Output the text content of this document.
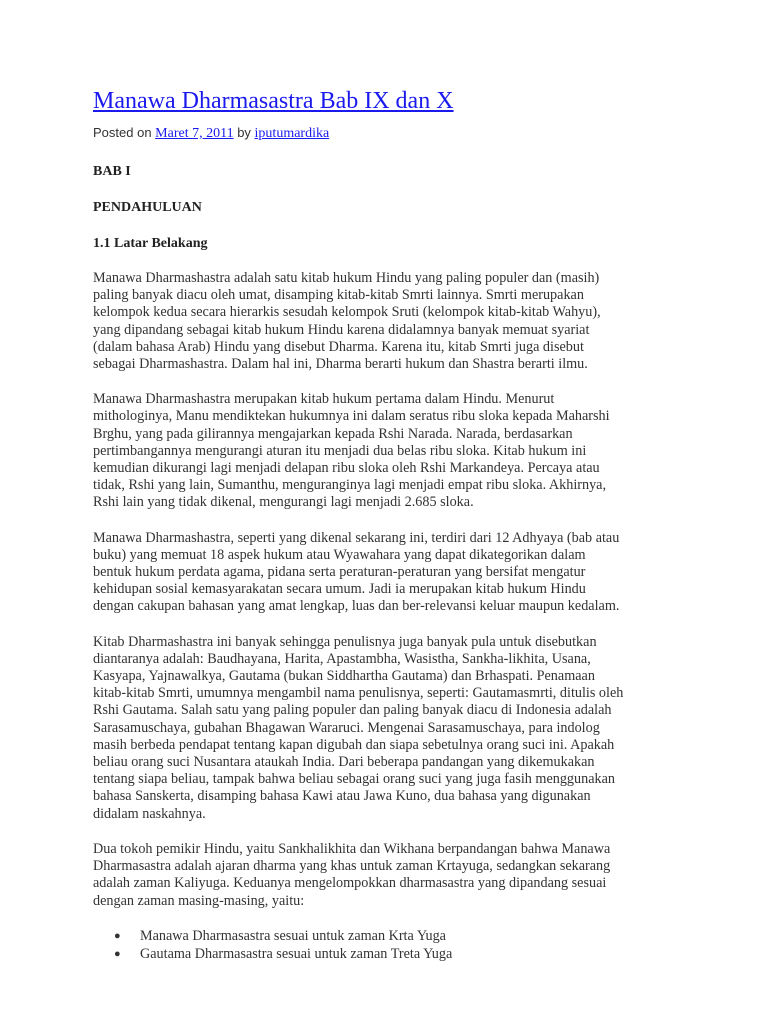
Manawa Dharmasastra Bab IX dan X

Posted on Maret 7, 2011 by iputumardika

BAB I

PENDAHULUAN

1.1 Latar Belakang

Manawa Dharmashastra adalah satu kitab hukum Hindu yang paling populer dan (masih)
paling banyak diacu oleh umat, disamping kitab-kitab Smrti lainnya. Smrti merupakan
kelompok kedua secara hierarkis sesudah kelompok Sruti (kelompok kitab-kitab Wahyu),
yang dipandang sebagai kitab hukum Hindu karena didalamnya banyak memuat syariat
(dalam bahasa Arab) Hindu yang disebut Dharma. Karena itu, kitab Smrti juga disebut
sebagai Dharmashastra. Dalam hal ini, Dharma berarti hukum dan Shastra berarti ilmu.

Manawa Dharmashastra merupakan kitab hukum pertama dalam Hindu. Menurut
mithologinya, Manu mendiktekan hukumnya ini dalam seratus ribu sloka kepada Maharshi
Brghu, yang pada gilirannya mengajarkan kepada Rshi Narada. Narada, berdasarkan
pertimbangannya mengurangi aturan itu menjadi dua belas ribu sloka. Kitab hukum ini
kemudian dikurangi lagi menjadi delapan ribu sloka oleh Rshi Markandeya. Percaya atau
tidak, Rshi yang lain, Sumanthu, menguranginya lagi menjadi empat ribu sloka. Akhirnya,
Rshi lain yang tidak dikenal, mengurangi lagi menjadi 2.685 sloka.

Manawa Dharmashastra, seperti yang dikenal sekarang ini, terdiri dari 12 Adhyaya (bab atau
buku) yang memuat 18 aspek hukum atau Wyawahara yang dapat dikategorikan dalam
bentuk hukum perdata agama, pidana serta peraturan-peraturan yang bersifat mengatur
kehidupan sosial kemasyarakatan secara umum. Jadi ia merupakan kitab hukum Hindu
dengan cakupan bahasan yang amat lengkap, luas dan ber-relevansi keluar maupun kedalam.

Kitab Dharmashastra ini banyak sehingga penulisnya juga banyak pula untuk disebutkan
diantaranya adalah: Baudhayana, Harita, Apastambha, Wasistha, Sankha-likhita, Usana,
Kasyapa, Yajnawalkya, Gautama (bukan Siddhartha Gautama) dan Brhaspati. Penamaan
kitab-kitab Smrti, umumnya mengambil nama penulisnya, seperti: Gautamasmrti, ditulis oleh
Rshi Gautama. Salah satu yang paling populer dan paling banyak diacu di Indonesia adalah
Sarasamuschaya, gubahan Bhagawan Wararuci. Mengenai Sarasamuschaya, para indolog
masih berbeda pendapat tentang kapan digubah dan siapa sebetulnya orang suci ini. Apakah
beliau orang suci Nusantara ataukah India. Dari beberapa pandangan yang dikemukakan
tentang siapa beliau, tampak bahwa beliau sebagai orang suci yang juga fasih menggunakan
bahasa Sanskerta, disamping bahasa Kawi atau Jawa Kuno, dua bahasa yang digunakan
didalam naskahnya.

Dua tokoh pemikir Hindu, yaitu Sankhalikhita dan Wikhana berpandangan bahwa Manawa
Dharmasastra adalah ajaran dharma yang khas untuk zaman Krtayuga, sedangkan sekarang
adalah zaman Kaliyuga. Keduanya mengelompokkan dharmasastra yang dipandang sesuai
dengan zaman masing-masing, yaitu:

● Manawa Dharmasastra sesuai untuk zaman Krta Yuga
● Gautama Dharmasastra sesuai untuk zaman Treta Yuga
